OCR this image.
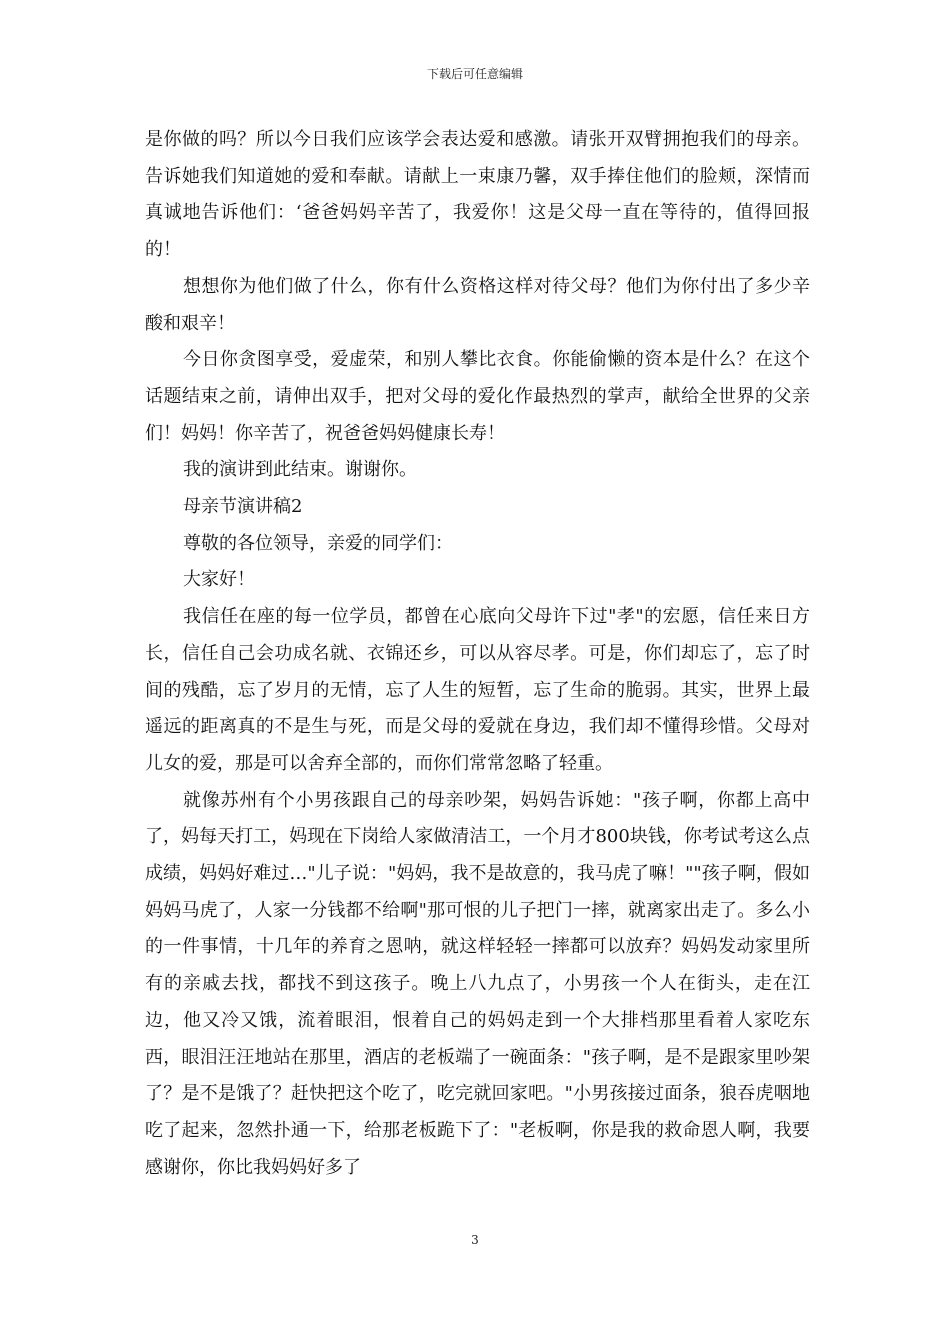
下载后可任意编辑

是你做的吗？所以今日我们应该学会表达爱和感激。请张开双臂拥抱我们的母亲。告诉她我们知道她的爱和奉献。请献上一束康乃馨，双手捧住他们的脸颊，深情而真诚地告诉他们：‘爸爸妈妈辛苦了，我爱你！这是父母一直在等待的，值得回报的！

想想你为他们做了什么，你有什么资格这样对待父母？他们为你付出了多少辛酸和艰辛！

今日你贪图享受，爱虚荣，和别人攀比衣食。你能偷懒的资本是什么？在这个话题结束之前，请伸出双手，把对父母的爱化作最热烈的掌声，献给全世界的父亲们！妈妈！你辛苦了，祝爸爸妈妈健康长寿！

我的演讲到此结束。谢谢你。

母亲节演讲稿2

尊敬的各位领导，亲爱的同学们：

大家好！

我信任在座的每一位学员，都曾在心底向父母许下过"孝"的宏愿，信任来日方长，信任自己会功成名就、衣锦还乡，可以从容尽孝。可是，你们却忘了，忘了时间的残酷，忘了岁月的无情，忘了人生的短暂，忘了生命的脆弱。其实，世界上最遥远的距离真的不是生与死，而是父母的爱就在身边，我们却不懂得珍惜。父母对儿女的爱，那是可以舍弃全部的，而你们常常忽略了轻重。

就像苏州有个小男孩跟自己的母亲吵架，妈妈告诉她："孩子啊，你都上高中了，妈每天打工，妈现在下岗给人家做清洁工，一个月才800块钱，你考试考这么点成绩，妈妈好难过…"儿子说："妈妈，我不是故意的，我马虎了嘛！""孩子啊，假如妈妈马虎了，人家一分钱都不给啊"那可恨的儿子把门一摔，就离家出走了。多么小的一件事情，十几年的养育之恩呐，就这样轻轻一摔都可以放弃？妈妈发动家里所有的亲戚去找，都找不到这孩子。晚上八九点了，小男孩一个人在街头，走在江边，他又冷又饿，流着眼泪，恨着自己的妈妈走到一个大排档那里看着人家吃东西，眼泪汪汪地站在那里，酒店的老板端了一碗面条："孩子啊，是不是跟家里吵架了？是不是饿了？赶快把这个吃了，吃完就回家吧。"小男孩接过面条，狼吞虎咽地吃了起来，忽然扑通一下，给那老板跪下了："老板啊，你是我的救命恩人啊，我要感谢你，你比我妈妈好多了

3
